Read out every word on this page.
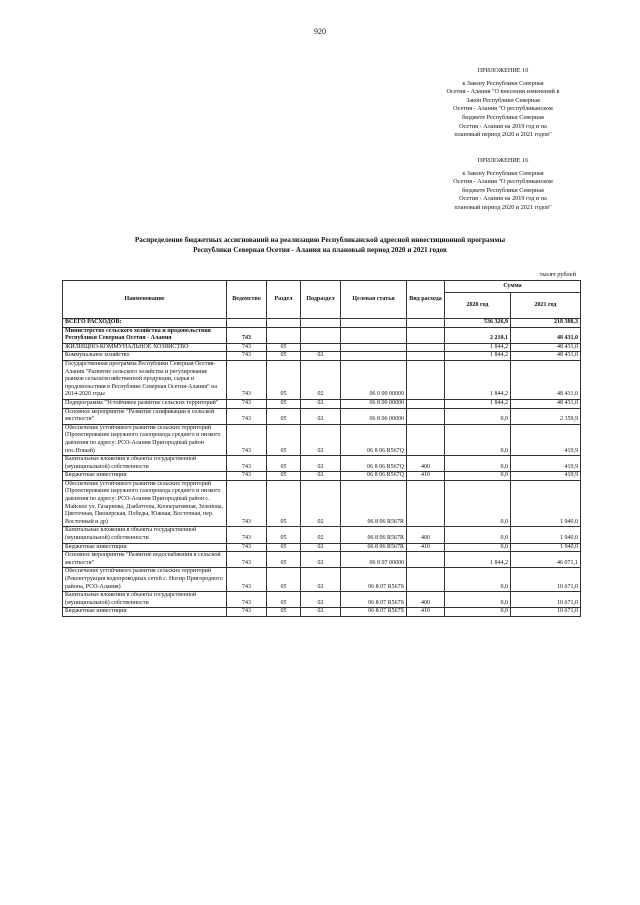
920
ПРИЛОЖЕНИЕ 10
к Закону Республики Северная
Осетия - Алания "О внесении изменений в
Закон Республики Северная
Осетия - Алания "О республиканском
бюджете Республики Северная
Осетия - Алания на 2019 год и на
плановый период 2020 и 2021 годов"
ПРИЛОЖЕНИЕ 16
к Закону Республики Северная
Осетия - Алания "О республиканском
бюджете Республики Северная
Осетия - Алания на 2019 год и на
плановый период 2020 и 2021 годов"
Распределение бюджетных ассигнований на реализацию Республиканской адресной инвестиционной программы
Республики Северная Осетия - Алания на плановый период 2020 и 2021 годов
тысяч рублей
Наименование	Ведомство	Раздел	Подраздел	Целевая статья	Вид расхода	Сумма	
						2020 год	2021 год
ВСЕГО РАСХОДОВ:						536 326,9	218 388,3
Министерство сельского хозяйства и продовольствия Республики Северная Осетия - Алания	743					2 210,1	48 431,0
ЖИЛИЩНО-КОММУНАЛЬНОЕ ХОЗЯЙСТВО	743	05				1 844,2	48 431,0
Коммунальное хозяйство	743	05	02			1 844,2	48 431,0
Государственная программа Республики Северная Осетия-Алания "Развитие сельского хозяйства и регулирование рынков сельскохозяйственной продукции, сырья и продовольствия в Республике Северная Осетия-Алания" на 2014-2020 годы	743	05	02	06 0 00 00000		1 844,2	48 431,0
Подпрограмма "Устойчивое развитие сельских территорий"	743	05	02	06 8 00 00000		1 844,2	48 431,0
Основное мероприятие "Развитие газификации в сельской местности"	743	05	02	06 8 06 00000		0,0	2 359,9
Обеспечение устойчивого развития сельских территорий (Проектирование наружного газопровода среднего и низкого давления по адресу: РСО-Алания Пригородный район пос.Новый)	743	05	02	06 8 06 R567Q		0,0	419,9
Капитальные вложения в объекты государственной (муниципальной) собственности	743	05	02	06 8 06 R567Q	400	0,0	419,9
Бюджетные инвестиции	743	05	02	06 8 06 R567Q	410	0,0	419,9
Обеспечение устойчивого развития сельских территорий (Проектирование наружного газопровода среднего и низкого давления по адресу: РСО-Алания Пригородный район с. Майское ул. Газарнова, Дзабаттева, Кооперативная, Зеленова, Цветочная, Пионерская, Победы, Южная, Восточная, пер. Восточный и др)	743	05	02	06 8 06 R567R		0,0	1 940,0
Капитальные вложения в объекты государственной (муниципальной) собственности	743	05	02	06 8 06 R567R	400	0,0	1 940,0
Бюджетные инвестиции	743	05	02	06 8 06 R567R	410	0,0	1 940,0
Основное мероприятие "Развитие водоснабжения в сельской местности"	743	05	02	06 8 07 00000		1 844,2	46 071,1
Обеспечение устойчивого развития сельских территорий (Реконструкция водопроводных сетей с. Ногир Пригородного района, РСО-Алания)	743	05	02	06 8 07 R567S		0,0	10 671,0
Капитальные вложения в объекты государственной (муниципальной) собственности	743	05	02	06 8 07 R567S	400	0,0	10 671,0
Бюджетные инвестиции	743	05	02	06 8 07 R567S	410	0,0	10 671,0
